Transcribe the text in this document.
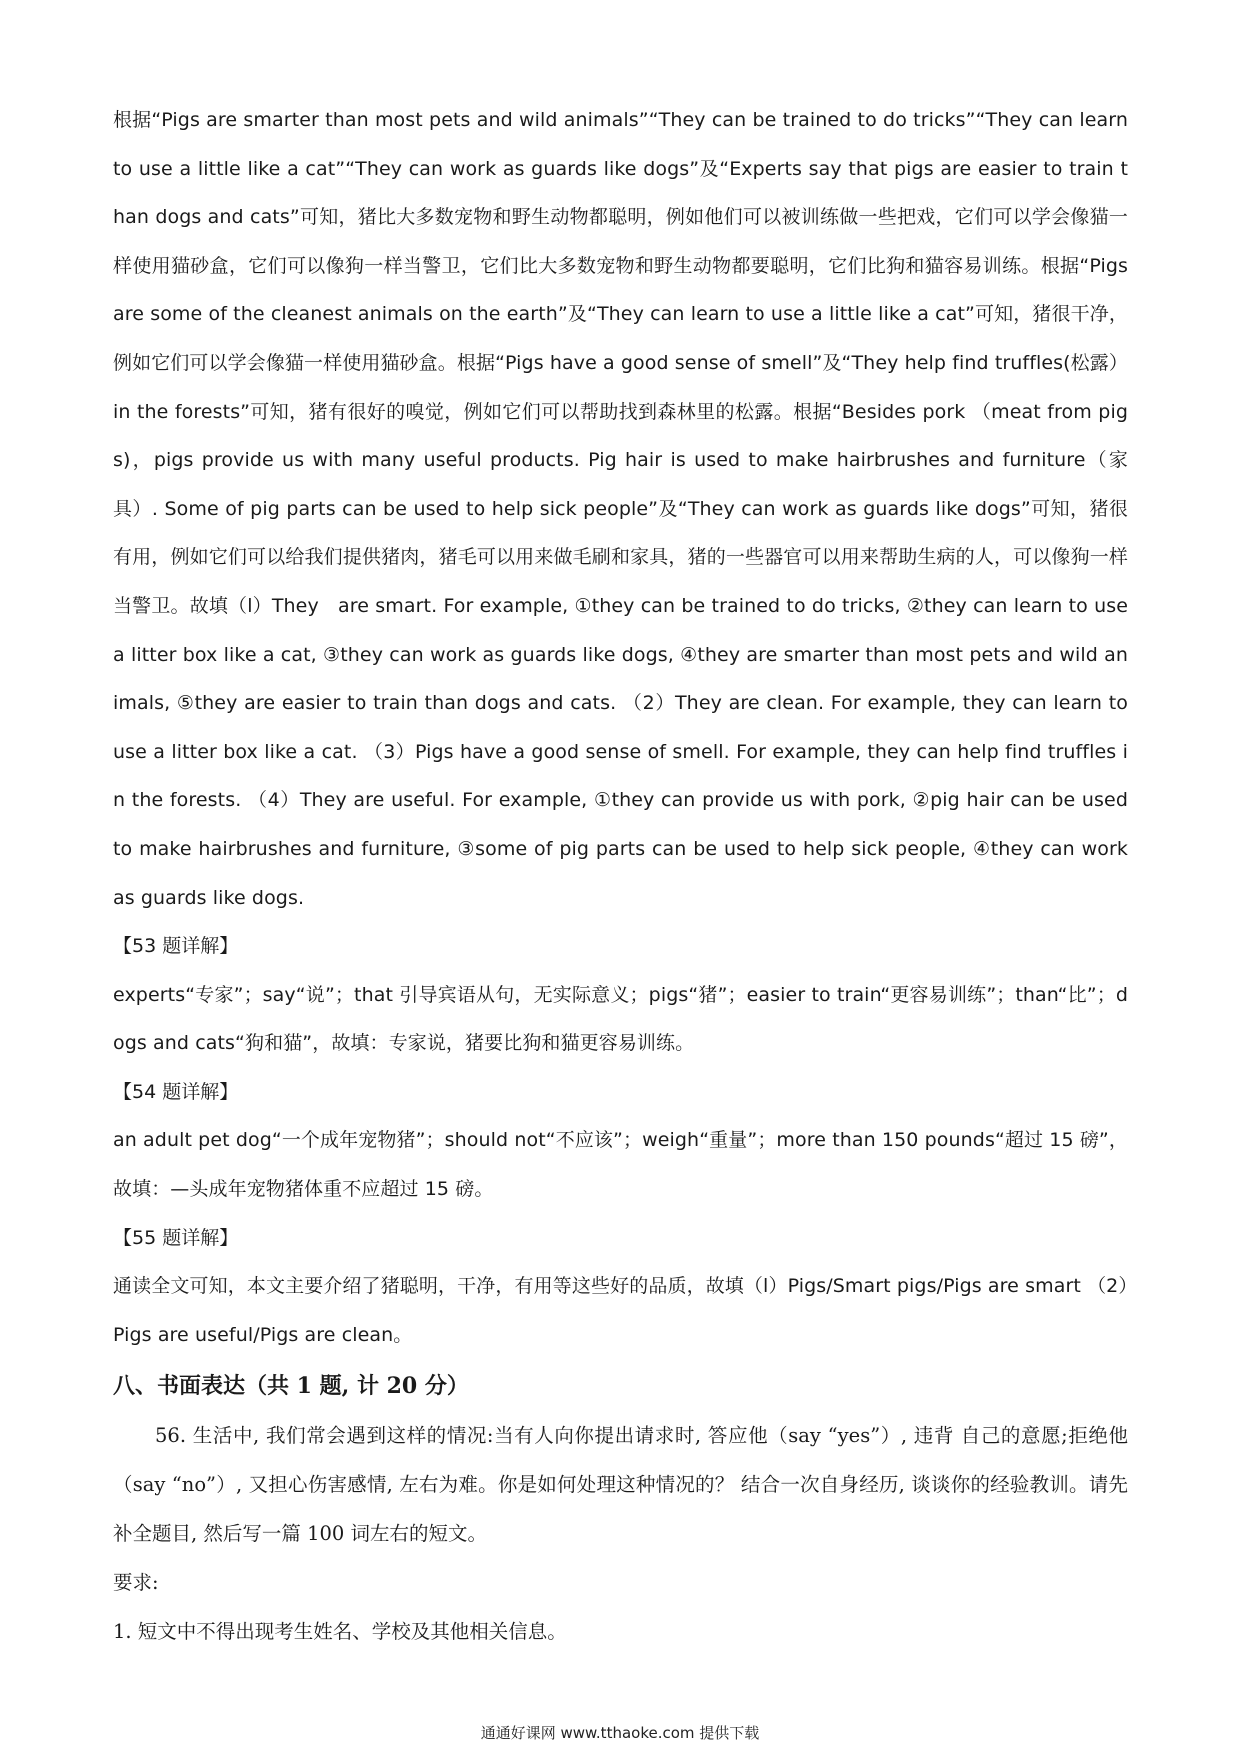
根据“Pigs are smarter than most pets and wild animals”“They can be trained to do tricks”“They can learn to use a little like a cat”“They can work as guards like dogs”及“Experts say that pigs are easier to train than dogs and cats”可知，猪比大多数宠物和野生动物都聪明，例如他们可以被训练做一些把戏，它们可以学会像猫一样使用猫砂盒，它们可以像狗一样当警卫，它们比大多数宠物和野生动物都要聪明，它们比狗和猫容易训练。根据“Pigs are some of the cleanest animals on the earth”及“They can learn to use a little like a cat”可知，猪很干净，例如它们可以学会像猫一样使用猫砂盒。根据“Pigs have a good sense of smell”及“They help find truffles(松露）in the forests”可知，猪有很好的嗅觉，例如它们可以帮助找到森林里的松露。根据“Besides pork （meat from pigs)，pigs provide us with many useful products. Pig hair is used to make hairbrushes and furniture（家具）. Some of pig parts can be used to help sick people”及“They can work as guards like dogs”可知，猪很有用，例如它们可以给我们提供猪肉，猪毛可以用来做毛刷和家具，猪的一些器官可以用来帮助生病的人，可以像狗一样当警卫。故填（l）They　are smart. For example, ①they can be trained to do tricks, ②they can learn to use a litter box like a cat, ③they can work as guards like dogs, ④they are smarter than most pets and wild animals, ⑤they are easier to train than dogs and cats. （2）They are clean. For example, they can learn to use a litter box like a cat. （3）Pigs have a good sense of smell. For example, they can help find truffles in the forests. （4）They are useful. For example, ①they can provide us with pork, ②pig hair can be used to make hairbrushes and furniture, ③some of pig parts can be used to help sick people, ④they can work as guards like dogs.

【53 题详解】

experts“专家”；say“说”；that 引导宾语从句，无实际意义；pigs“猪”；easier to train“更容易训练”；than“比”；dogs and cats“狗和猫”，故填：专家说，猪要比狗和猫更容易训练。

【54 题详解】

an adult pet dog“一个成年宠物猪”；should not“不应该”；weigh“重量”；more than 150 pounds“超过 15 磅”，故填：—头成年宠物猪体重不应超过 15 磅。

【55 题详解】

通读全文可知，本文主要介绍了猪聪明，干净，有用等这些好的品质，故填（l）Pigs/Smart pigs/Pigs are smart （2）Pigs are useful/Pigs are clean。

八、书面表达（共 1 题, 计 20 分）

56. 生活中, 我们常会遇到这样的情况:当有人向你提出请求时, 答应他（say “yes”）, 违背 自己的意愿;拒绝他（say “no”）, 又担心伤害感情, 左右为难。你是如何处理这种情况的？ 结合一次自身经历, 谈谈你的经验教训。请先补全题目, 然后写一篇 100 词左右的短文。

要求:

1. 短文中不得出现考生姓名、学校及其他相关信息。

通通好课网 www.tthaoke.com 提供下载
